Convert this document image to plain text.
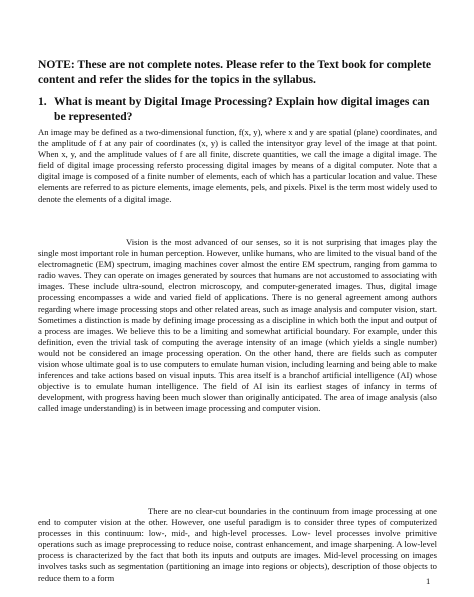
NOTE: These are not complete notes. Please refer to the Text book for complete content and refer the slides for the topics in the syllabus.

1. What is meant by Digital Image Processing? Explain how digital images can be represented?

An image may be defined as a two-dimensional function, f(x, y), where x and y are spatial (plane) coordinates, and the amplitude of f at any pair of coordinates (x, y) is called the intensityor gray level of the image at that point. When x, y, and the amplitude values of f are all finite, discrete quantities, we call the image a digital image. The field of digital image processing refersto processing digital images by means of a digital computer. Note that a digital image is composed of a finite number of elements, each of which has a particular location and value. These elements are referred to as picture elements, image elements, pels, and pixels. Pixel is the term most widely used to denote the elements of a digital image.

Vision is the most advanced of our senses, so it is not surprising that images play the single most important role in human perception. However, unlike humans, who are limited to the visual band of the electromagnetic (EM) spectrum, imaging machines cover almost the entire EM spectrum, ranging from gamma to radio waves. They can operate on images generated by sources that humans are not accustomed to associating with images. These include ultra-sound, electron microscopy, and computer-generated images. Thus, digital image processing encompasses a wide and varied field of applications. There is no general agreement among authors regarding where image processing stops and other related areas, such as image analysis and computer vision, start. Sometimes a distinction is made by defining image processing as a discipline in which both the input and output of a process are images. We believe this to be a limiting and somewhat artificial boundary. For example, under this definition, even the trivial task of computing the average intensity of an image (which yields a single number) would not be considered an image processing operation. On the other hand, there are fields such as computer vision whose ultimate goal is to use computers to emulate human vision, including learning and being able to make inferences and take actions based on visual inputs. This area itself is a branchof artificial intelligence (AI) whose objective is to emulate human intelligence. The field of AI isin its earliest stages of infancy in terms of development, with progress having been much slower than originally anticipated. The area of image analysis (also called image understanding) is in between image processing and computer vision.

There are no clear-cut boundaries in the continuum from image processing at one end to computer vision at the other. However, one useful paradigm is to consider three types of computerized processes in this continuum: low-, mid-, and high-level processes. Low- level processes involve primitive operations such as image preprocessing to reduce noise, contrast enhancement, and image sharpening. A low-level process is characterized by the fact that both its inputs and outputs are images. Mid-level processing on images involves tasks such as segmentation (partitioning an image into regions or objects), description of those objects to reduce them to a form	1
